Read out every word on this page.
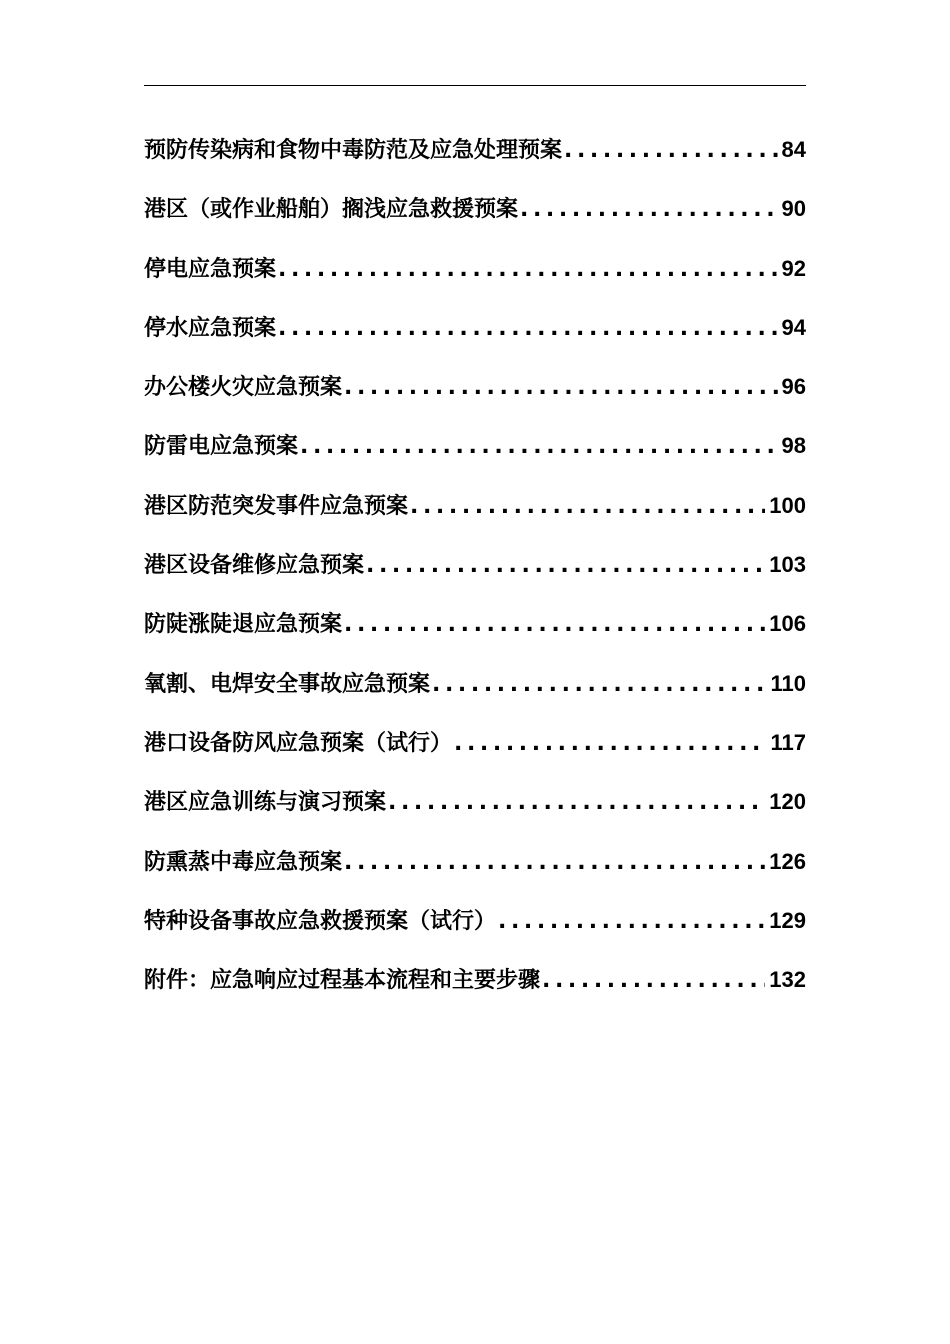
预防传染病和食物中毒防范及应急处理预案 .....	84
港区（或作业船舶）搁浅应急救援预案 .....	90
停电应急预案 .....	92
停水应急预案 .....	94
办公楼火灾应急预案 .....	96
防雷电应急预案 .....	98
港区防范突发事件应急预案 .....	100
港区设备维修应急预案 .....	103
防陡涨陡退应急预案 .....	106
氧割、电焊安全事故应急预案 .....	110
港口设备防风应急预案（试行） .....	117
港区应急训练与演习预案 .....	120
防熏蒸中毒应急预案 .....	126
特种设备事故应急救援预案（试行） .....	129
附件：应急响应过程基本流程和主要步骤 .....	132
